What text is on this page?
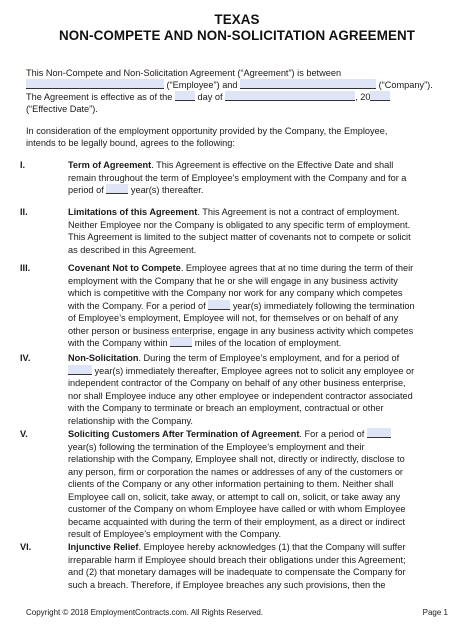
TEXAS
NON-COMPETE AND NON-SOLICITATION AGREEMENT
This Non-Compete and Non-Solicitation Agreement (“Agreement”) is between
(“Employee”) and	(“Company”).
The Agreement is effective as of the  day of	, 20
(“Effective Date”).
In consideration of the employment opportunity provided by the Company, the Employee,
intends to be legally bound, agrees to the following:
I.	Term of Agreement. This Agreement is effective on the Effective Date and shall
remain throughout the term of Employee’s employment with the Company and for a
period of  year(s) thereafter.
II.	Limitations of this Agreement. This Agreement is not a contract of employment.
Neither Employee nor the Company is obligated to any specific term of employment.
This Agreement is limited to the subject matter of covenants not to compete or solicit
as described in this Agreement.
III.	Covenant Not to Compete. Employee agrees that at no time during the term of their
employment with the Company that he or she will engage in any business activity
which is competitive with the Company nor work for any company which competes
with the Company. For a period of  year(s) immediately following the termination
of Employee’s employment, Employee will not, for themselves or on behalf of any
other person or business enterprise, engage in any business activity which competes
with the Company within  miles of the location of employment.
IV.	Non-Solicitation. During the term of Employee’s employment, and for a period of
year(s) immediately thereafter, Employee agrees not to solicit any employee or
independent contractor of the Company on behalf of any other business enterprise,
nor shall Employee induce any other employee or independent contractor associated
with the Company to terminate or breach an employment, contractual or other
relationship with the Company.
V.	Soliciting Customers After Termination of Agreement. For a period of
year(s) following the termination of the Employee’s employment and their
relationship with the Company, Employee shall not, directly or indirectly, disclose to
any person, firm or corporation the names or addresses of any of the customers or
clients of the Company or any other information pertaining to them. Neither shall
Employee call on, solicit, take away, or attempt to call on, solicit, or take away any
customer of the Company on whom Employee have called or with whom Employee
became acquainted with during the term of their employment, as a direct or indirect
result of Employee’s employment with the Company.
VI.	Injunctive Relief. Employee hereby acknowledges (1) that the Company will suffer
irreparable harm if Employee should breach their obligations under this Agreement;
and (2) that monetary damages will be inadequate to compensate the Company for
such a breach. Therefore, if Employee breaches any such provisions, then the
Copyright © 2018 EmploymentContracts.com. All Rights Reserved.	Page 1
